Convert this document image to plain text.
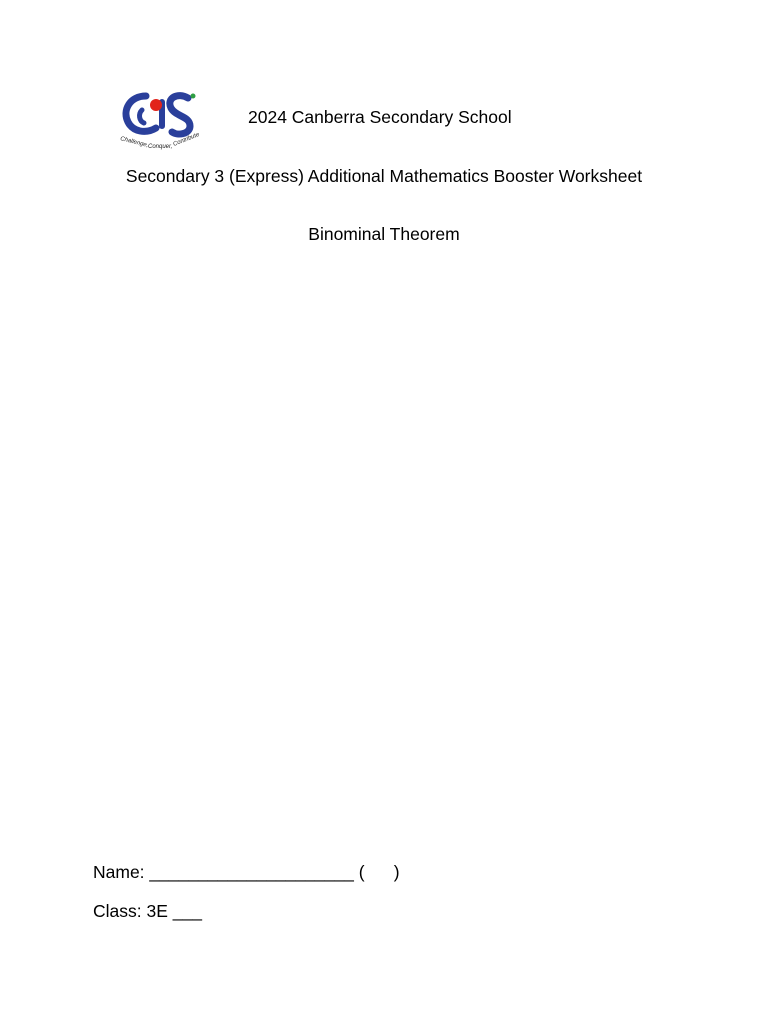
Challenge, Conquer, Contribute
2024 Canberra Secondary School
Secondary 3 (Express) Additional Mathematics Booster Worksheet
Binominal Theorem
Name: _____________________ (      )
Class: 3E ___
